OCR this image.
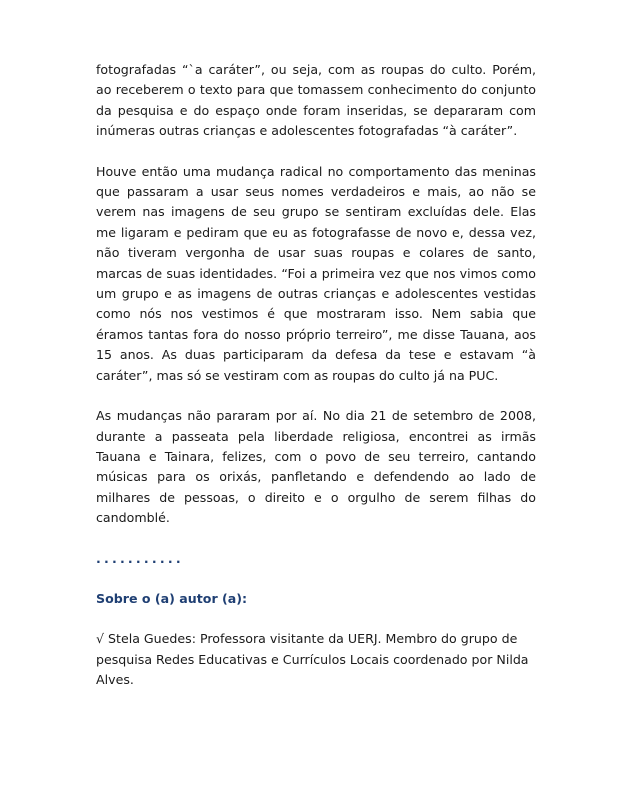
fotografadas “`a caráter”, ou seja, com as roupas do culto. Porém, ao receberem o texto para que tomassem conhecimento do conjunto da pesquisa e do espaço onde foram inseridas, se depararam com inúmeras outras crianças e adolescentes fotografadas “à caráter”.

Houve então uma mudança radical no comportamento das meninas que passaram a usar seus nomes verdadeiros e mais, ao não se verem nas imagens de seu grupo se sentiram excluídas dele. Elas me ligaram e pediram que eu as fotografasse de novo e, dessa vez, não tiveram vergonha de usar suas roupas e colares de santo, marcas de suas identidades. “Foi a primeira vez que nos vimos como um grupo e as imagens de outras crianças e adolescentes vestidas como nós nos vestimos é que mostraram isso. Nem sabia que éramos tantas fora do nosso próprio terreiro”, me disse Tauana, aos 15 anos. As duas participaram da defesa da tese e estavam “à caráter”, mas só se vestiram com as roupas do culto já na PUC.

As mudanças não pararam por aí. No dia 21 de setembro de 2008, durante a passeata pela liberdade religiosa, encontrei as irmãs Tauana e Tainara, felizes, com o povo de seu terreiro, cantando músicas para os orixás, panfletando e defendendo ao lado de milhares de pessoas, o direito e o orgulho de serem filhas do candomblé.

...........

Sobre o (a) autor (a):

√ Stela Guedes: Professora visitante da UERJ. Membro do grupo de pesquisa Redes Educativas e Currículos Locais coordenado por Nilda Alves.
